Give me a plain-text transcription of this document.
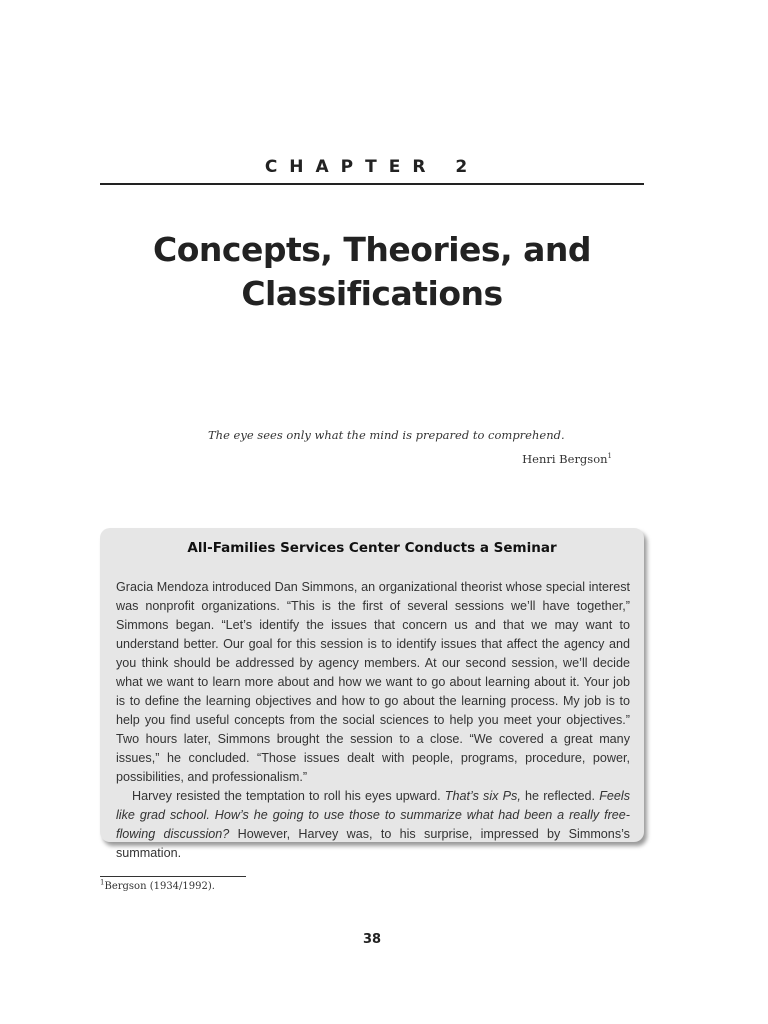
CHAPTER 2
Concepts, Theories, and
Classifications
The eye sees only what the mind is prepared to comprehend.
Henri Bergson$^1$
All-Families Services Center Conducts a Seminar

Gracia Mendoza introduced Dan Simmons, an organizational theorist whose special interest was nonprofit organizations. “This is the first of several sessions we’ll have together,” Simmons began. “Let’s identify the issues that concern us and that we may want to understand better. Our goal for this session is to identify issues that affect the agency and you think should be addressed by agency members. At our second session, we’ll decide what we want to learn more about and how we want to go about learning about it. Your job is to define the learning objectives and how to go about the learning process. My job is to help you find useful concepts from the social sciences to help you meet your objectives.” Two hours later, Simmons brought the session to a close. “We covered a great many issues,” he concluded. “Those issues dealt with people, programs, procedure, power, possibilities, and professionalism.”

Harvey resisted the temptation to roll his eyes upward. That’s six Ps, he reflected. Feels like grad school. How’s he going to use those to summarize what had been a really free-flowing discussion? However, Harvey was, to his surprise, impressed by Simmons’s summation.

$^1$Bergson (1934/1992).
38
